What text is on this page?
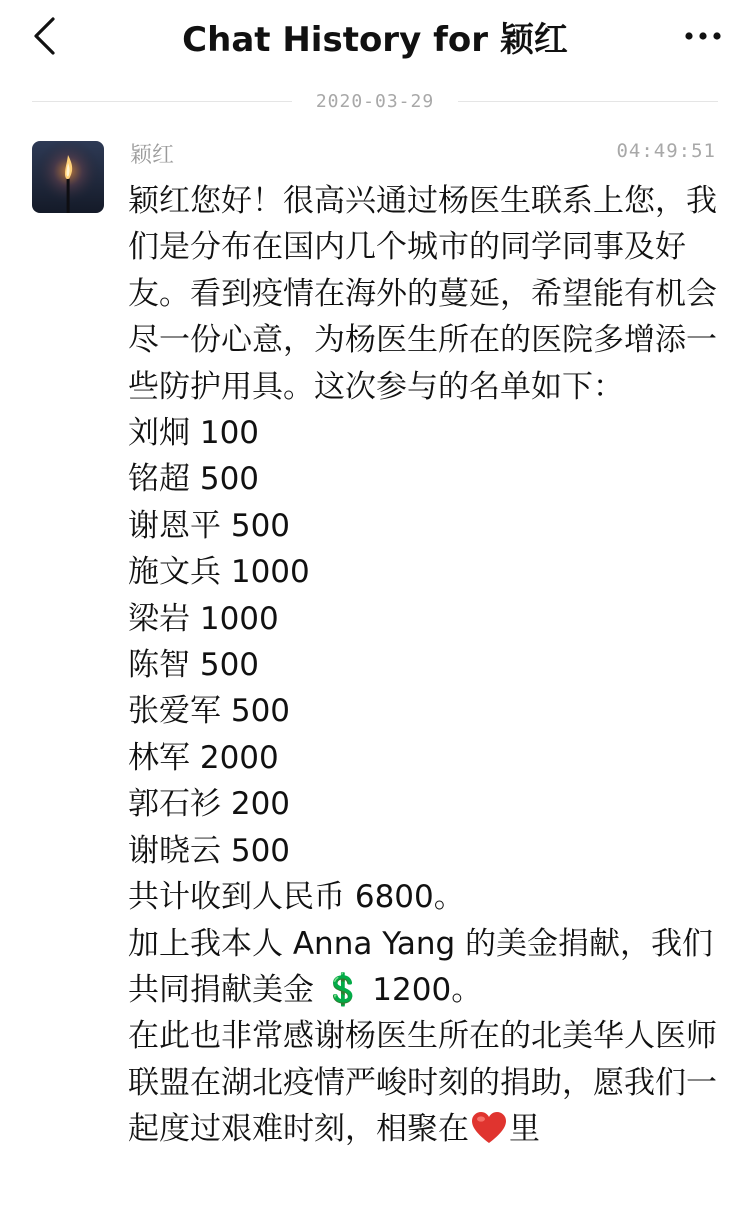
Chat History for 颖红
2020-03-29
颖红	04:49:51
颖红您好！很高兴通过杨医生联系上您，我们是分布在国内几个城市的同学同事及好友。看到疫情在海外的蔓延，希望能有机会尽一份心意，为杨医生所在的医院多增添一些防护用具。这次参与的名单如下：
刘炯 100
铭超 500
谢恩平 500
施文兵 1000
梁岩 1000
陈智 500
张爱军 500
林军 2000
郭石衫 200
谢晓云 500
共计收到人民币 6800。
加上我本人 Anna Yang 的美金捐献，我们共同捐献美金 💲 1200。
在此也非常感谢杨医生所在的北美华人医师联盟在湖北疫情严峻时刻的捐助，愿我们一起度过艰难时刻，相聚在 里
